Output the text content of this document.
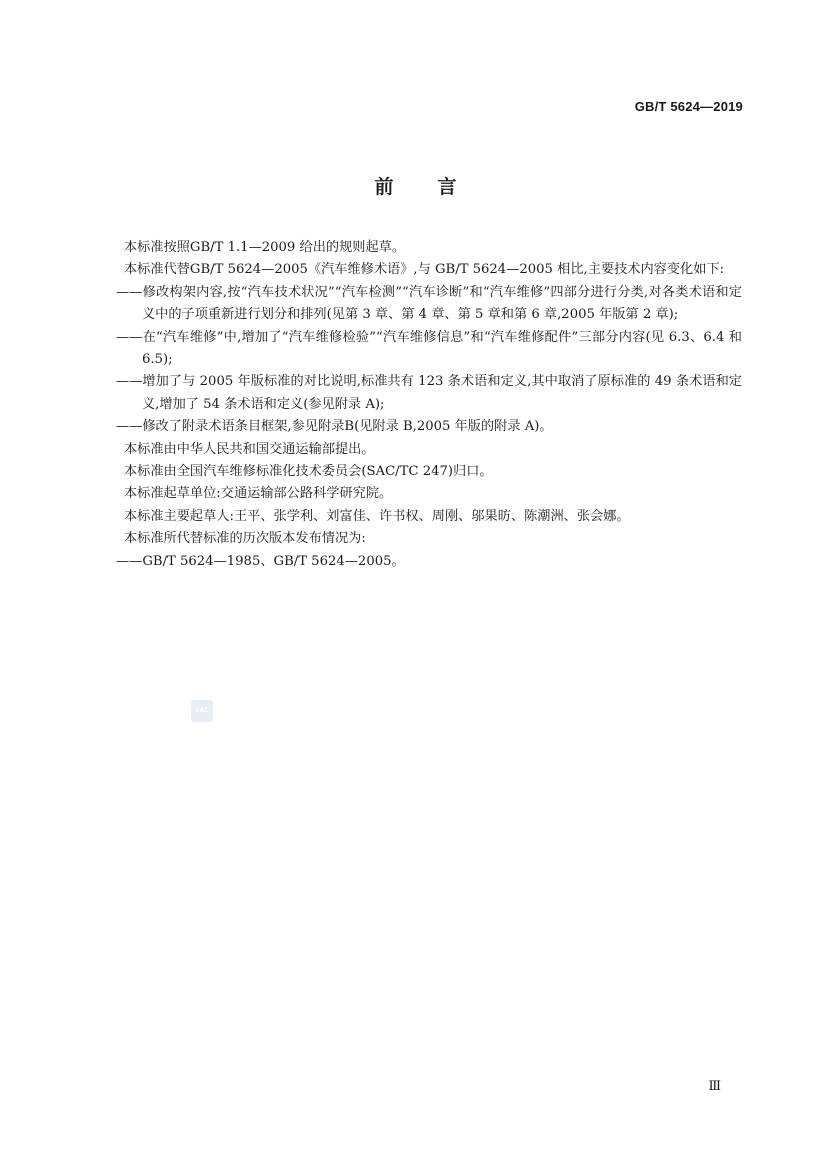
GB/T 5624—2019
前言

本标准按照GB/T 1.1—2009 给出的规则起草。

本标准代替GB/T 5624—2005《汽车维修术语》,与 GB/T 5624—2005 相比,主要技术内容变化如下:

——修改构架内容,按“汽车技术状况”“汽车检测”“汽车诊断”和“汽车维修”四部分进行分类,对各类术语和定义中的子项重新进行划分和排列(见第 3 章、第 4 章、第 5 章和第 6 章,2005 年版第 2 章);

——在“汽车维修”中,增加了“汽车维修检验”“汽车维修信息”和“汽车维修配件”三部分内容(见 6.3、6.4 和 6.5);

——增加了与 2005 年版标准的对比说明,标准共有 123 条术语和定义,其中取消了原标准的 49 条术语和定义,增加了 54 条术语和定义(参见附录 A);

——修改了附录术语条目框架,参见附录B(见附录 B,2005 年版的附录 A)。

本标准由中华人民共和国交通运输部提出。

本标准由全国汽车维修标准化技术委员会(SAC/TC 247)归口。

本标准起草单位:交通运输部公路科学研究院。

本标准主要起草人:王平、张学利、刘富佳、许书权、周刚、邬果昉、陈潮洲、张会娜。

本标准所代替标准的历次版本发布情况为:

——GB/T 5624—1985、GB/T 5624—2005。

SAC
Ⅲ
